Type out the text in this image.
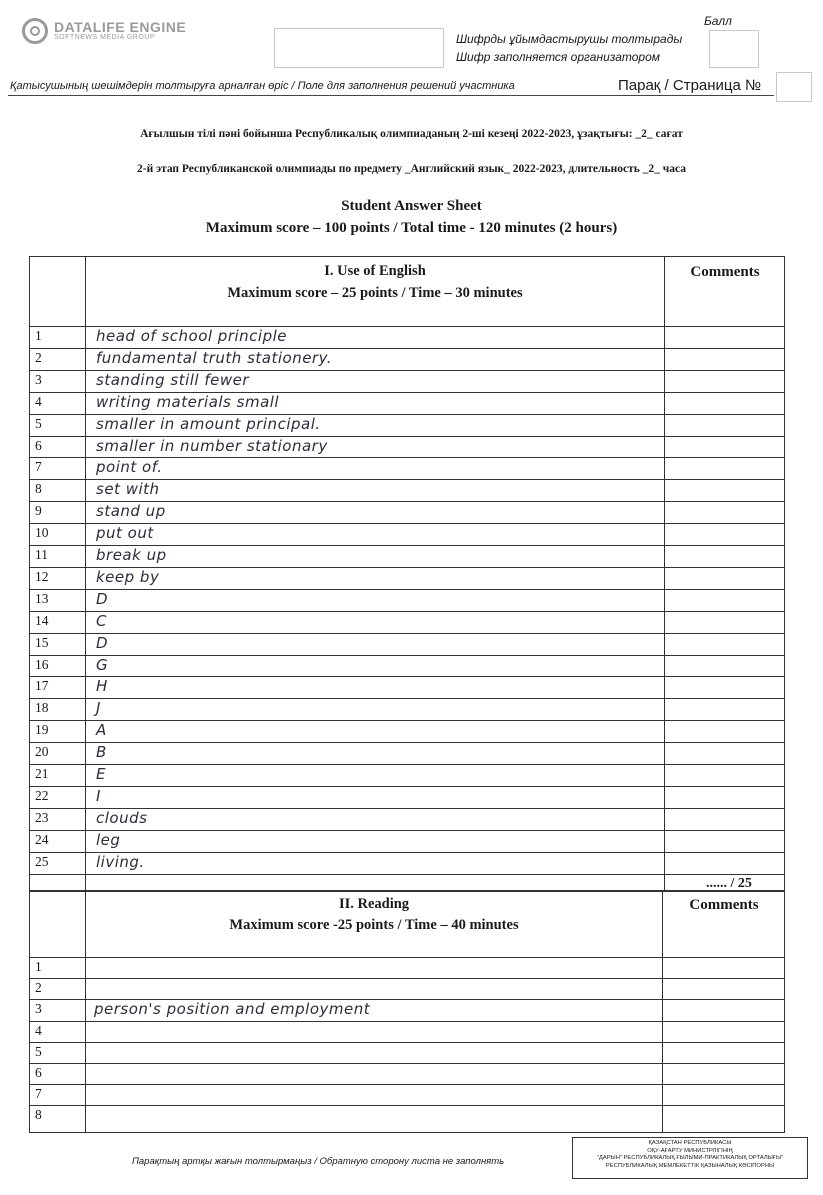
DATALIFE ENGINE
SOFTNEWS MEDIA GROUP
Балл
Шифрды ұйымдастырушы толтырады
Шифр заполняется организатором
Қатысушының шешімдерін толтыруға арналған өріс / Поле для заполнения решений участника	Парақ / Страница №
Ағылшын тілі пәні бойынша Республикалық олимпиаданың 2-ші кезеңі 2022-2023, ұзақтығы: _2_ сағат
2-й этап Республиканской олимпиады по предмету _Английский язык_ 2022-2023, длительность _2_ часа
Student Answer Sheet
Maximum score – 100 points / Total time - 120 minutes (2 hours)
I. Use of English
Maximum score – 25 points / Time – 30 minutes
Comments
1	head of school principle
2	fundamental truth stationery.
3	standing still fewer
4	writing materials small
5	smaller in amount principal.
6	smaller in number stationary
7	point of.
8	set with
9	stand up
10	put out
11	break up
12	keep by
13	D
14	C
15	D
16	G
17	H
18	J
19	A
20	B
21	E
22	I
23	clouds
24	leg
25	living.
...... / 25
II. Reading
Maximum score -25 points / Time – 40 minutes
Comments
1
2
3	person's position and employment
4
5
6
7
8
Парақтың артқы жағын толтырмаңыз / Обратную сторону листа не заполнять
ҚАЗАҚСТАН РЕСПУБЛИКАСЫ
ОҚУ-АҒАРТУ МИНИСТРЛІГІНІҢ
"ДАРЫН" РЕСПУБЛИКАЛЫҚ ҒЫЛЫМИ-ПРАКТИКАЛЫҚ ОРТАЛЫҒЫ"
РЕСПУБЛИКАЛЫҚ МЕМЛЕКЕТТІК ҚАЗЫНАЛЫҚ КӘСІПОРНЫ
